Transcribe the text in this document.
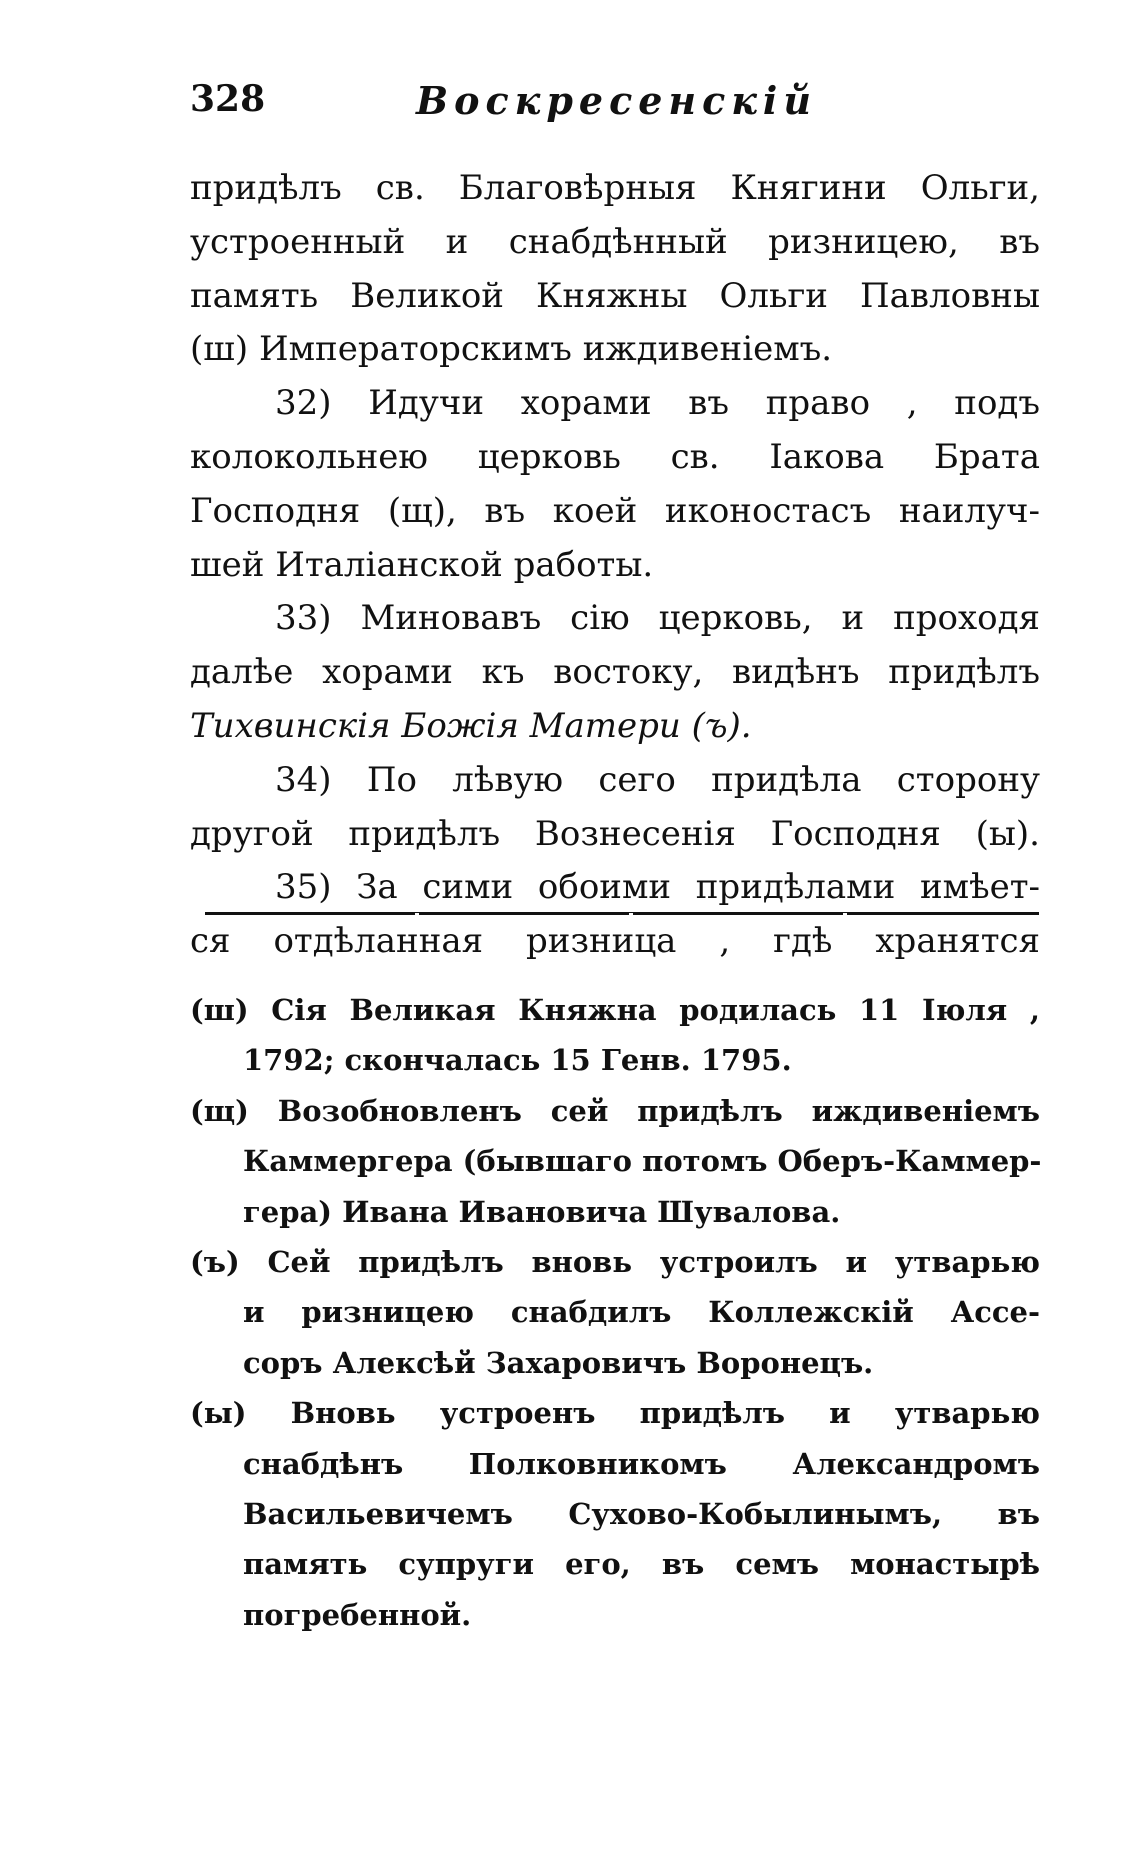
328	Воскресенскій
придѣлъ св. Благовѣрныя Княгини Ольги,
устроенный и снабдѣнный ризницею, въ
память Великой Княжны Ольги Павловны
(ш) Императорскимъ иждивеніемъ.
32) Идучи хорами въ право , подъ
колокольнею церковь св. Іакова Брата
Господня (щ), въ коей иконостасъ наилуч-
шей Италіанской работы.
33) Миновавъ сію церковь, и проходя
далѣе хорами къ востоку, видѣнъ придѣлъ
Тихвинскія Божія Матери (ъ).
34) По лѣвую сего придѣла сторону
другой придѣлъ Вознесенія Господня (ы).
35) За сими обоими придѣлами имѣет-
ся отдѣланная ризница , гдѣ хранятся
(ш) Сія Великая Княжна родилась 11 Іюля ,
1792; скончалась 15 Генв. 1795.
(щ) Возобновленъ сей придѣлъ иждивеніемъ
Каммергера (бывшаго потомъ Оберъ-Каммер-
гера) Ивана Ивановича Шувалова.
(ъ) Сей придѣлъ вновь устроилъ и утварью
и ризницею снабдилъ Коллежскій Ассе-
соръ Алексѣй Захаровичъ Воронецъ.
(ы) Вновь устроенъ придѣлъ и утварью
снабдѣнъ Полковникомъ Александромъ
Васильевичемъ Сухово-Кобылинымъ, въ
память супруги его, въ семъ монастырѣ
погребенной.
